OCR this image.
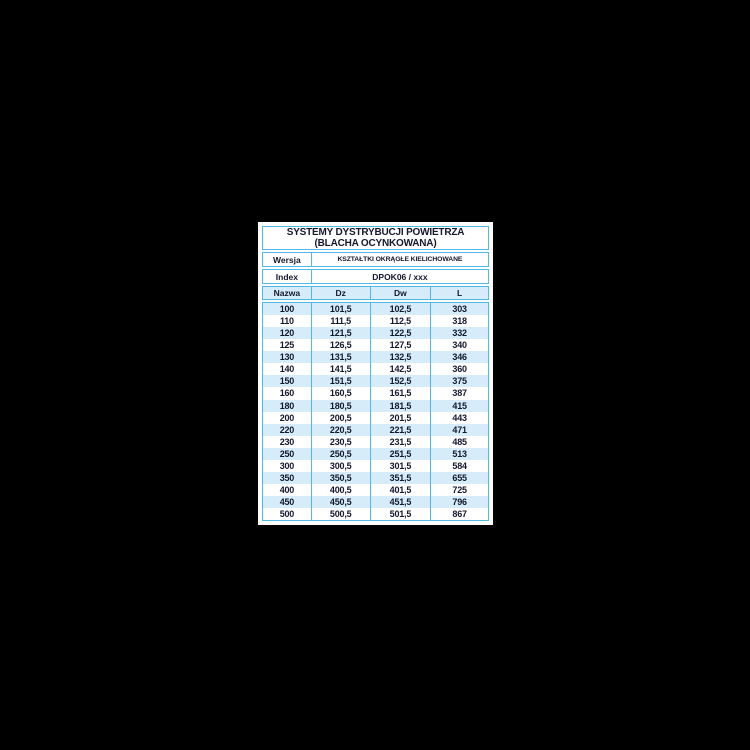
SYSTEMY DYSTRYBUCJI POWIETRZA
(BLACHA OCYNKOWANA)
Wersja	KSZTAŁTKI OKRĄGŁE KIELICHOWANE
Index	DPOK06 / xxx
Nazwa	Dz	Dw	L
100	101,5	102,5	303
110	111,5	112,5	318
120	121,5	122,5	332
125	126,5	127,5	340
130	131,5	132,5	346
140	141,5	142,5	360
150	151,5	152,5	375
160	160,5	161,5	387
180	180,5	181,5	415
200	200,5	201,5	443
220	220,5	221,5	471
230	230,5	231,5	485
250	250,5	251,5	513
300	300,5	301,5	584
350	350,5	351,5	655
400	400,5	401,5	725
450	450,5	451,5	796
500	500,5	501,5	867
